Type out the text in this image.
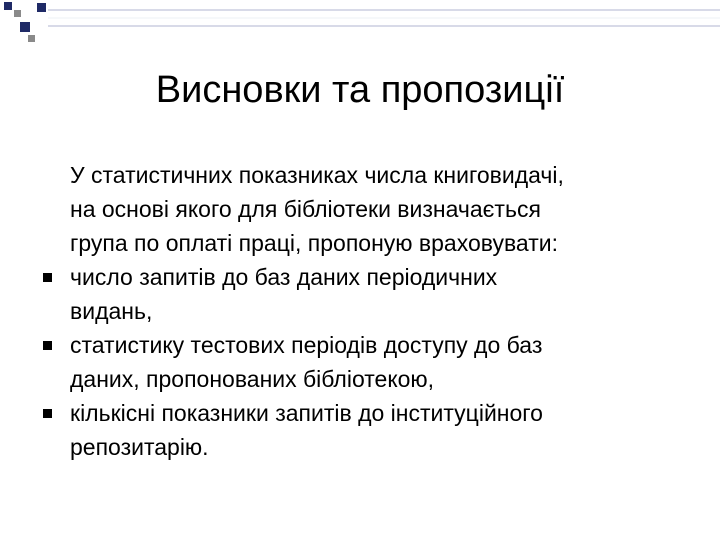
Висновки та пропозиції
У статистичних показниках числа книговидачі,
на основі якого для бібліотеки визначається
група по оплаті праці, пропоную враховувати:
число запитів до баз даних періодичних
видань,
статистику тестових періодів доступу до баз
даних, пропонованих бібліотекою,
кількісні показники запитів до інституційного
репозитарію.
